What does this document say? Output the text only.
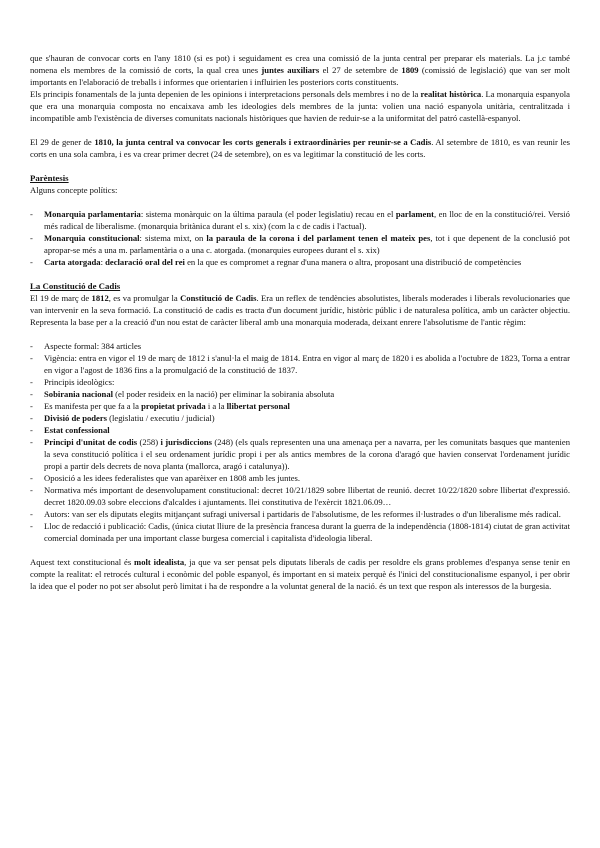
que s'hauran de convocar corts en l'any 1810 (si es pot) i seguidament es crea una comissió de la junta central per preparar els materials. La j.c també nomena els membres de la comissió de corts, la qual crea unes juntes auxiliars el 27 de setembre de 1809 (comissió de legislació) que van ser molt importants en l'elaboració de treballs i informes que orientarien i influirien les posteriors corts constituents.

Els principis fonamentals de la junta depenien de les opinions i interpretacions personals dels membres i no de la realitat històrica. La monarquia espanyola que era una monarquia composta no encaixava amb les ideologies dels membres de la junta: volien una nació espanyola unitària, centralitzada i incompatible amb l'existència de diverses comunitats nacionals històriques que havien de reduir-se a la uniformitat del patró castellà-espanyol.

El 29 de gener de 1810, la junta central va convocar les corts generals i extraordinàries per reunir-se a Cadis. Al setembre de 1810, es van reunir les corts en una sola cambra, i es va crear primer decret (24 de setembre), on es va legitimar la constitució de les corts.

Parèntesis

Alguns concepte polítics:

- Monarquia parlamentaria: sistema monàrquic on la última paraula (el poder legislatiu) recau en el parlament, en lloc de en la constitució/rei. Versió més radical de liberalisme. (monarquia britànica durant el s. xix) (com la c de cadis i l'actual).
- Monarquia constitucional: sistema mixt, on la paraula de la corona i del parlament tenen el mateix pes, tot i que depenent de la conclusió pot apropar-se més a una m. parlamentària o a una c. atorgada. (monarquies europees durant el s. xix)
- Carta atorgada: declaració oral del rei en la que es compromet a regnar d'una manera o altra, proposant una distribució de competències
La Constitució de Cadis

El 19 de març de 1812, es va promulgar la Constitució de Cadis. Era un reflex de tendències absolutistes, liberals moderades i liberals revolucionaries que van intervenir en la seva formació. La constitució de cadis es tracta d'un document jurídic, històric públic i de naturalesa política, amb un caràcter objectiu. Representa la base per a la creació d'un nou estat de caràcter liberal amb una monarquia moderada, deixant enrere l'absolutisme de l'antic règim:

- Aspecte formal: 384 articles
- Vigència: entra en vigor el 19 de març de 1812 i s'anul·la el maig de 1814. Entra en vigor al març de 1820 i es abolida a l'octubre de 1823, Torna a entrar en vigor a l'agost de 1836 fins a la promulgació de la constitució de 1837.
- Principis ideològics:
- Sobirania nacional (el poder resideix en la nació) per eliminar la sobirania absoluta
- Es manifesta per que fa a la propietat privada i a la llibertat personal
- Divisió de poders (legislatiu / executiu / judicial)
- Estat confessional
- Principi d'unitat de codis (258) i jurisdiccions (248) (els quals representen una una amenaça per a navarra, per les comunitats basques que mantenien la seva constitució política i el seu ordenament jurídic propi i per als antics membres de la corona d'aragó que havien conservat l'ordenament jurídic propi a partir dels decrets de nova planta (mallorca, aragó i catalunya)).
- Oposició a les idees federalistes que van aparèixer en 1808 amb les juntes.
- Normativa més important de desenvolupament constitucional: decret 10/21/1829 sobre llibertat de reunió. decret 10/22/1820 sobre llibertat d'expressió. decret 1820.09.03 sobre eleccions d'alcaldes i ajuntaments. llei constitutiva de l'exèrcit 1821.06.09…
- Autors: van ser els diputats elegits mitjançant sufragi universal i partidaris de l'absolutisme, de les reformes il·lustrades o d'un liberalisme més radical.
- Lloc de redacció i publicació: Cadis, (única ciutat lliure de la presència francesa durant la guerra de la independència (1808-1814) ciutat de gran activitat comercial dominada per una important classe burgesa comercial i capitalista d'ideologia liberal.

Aquest text constitucional és molt idealista, ja que va ser pensat pels diputats liberals de cadis per resoldre els grans problemes d'espanya sense tenir en compte la realitat: el retrocés cultural i econòmic del poble espanyol, és important en si mateix perquè és l'inici del constitucionalisme espanyol, i per obrir la idea que el poder no pot ser absolut però limitat i ha de respondre a la voluntat general de la nació. és un text que respon als interessos de la burgesia.
